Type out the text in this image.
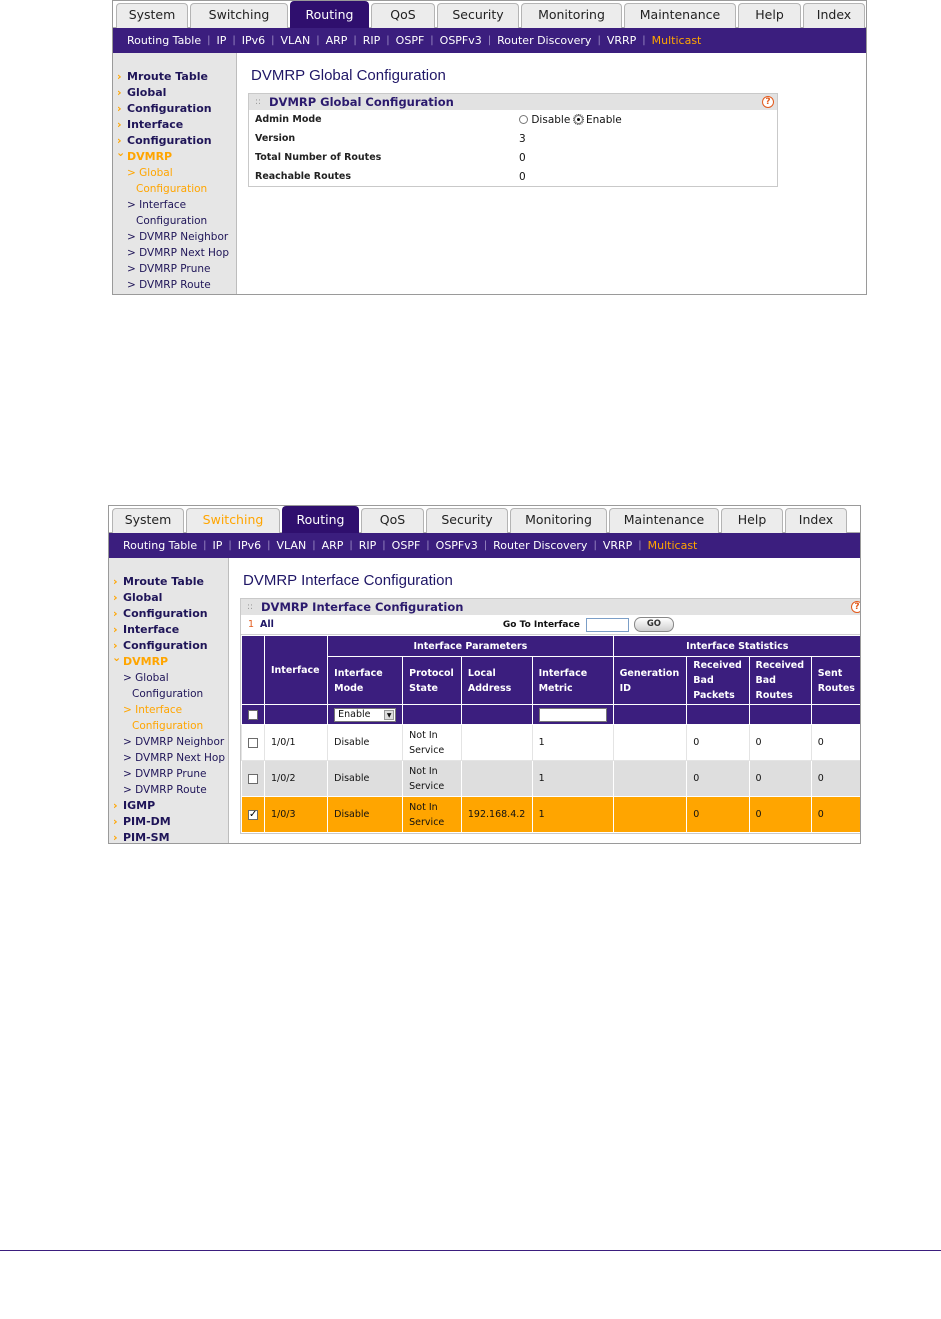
System	Switching	Routing	QoS	Security	Monitoring	Maintenance	Help	Index
Routing Table | IP | IPv6 | VLAN | ARP | RIP | OSPF | OSPFv3 | Router Discovery | VRRP | Multicast
› Mroute Table
› Global
› Configuration
› Interface
› Configuration
⌄ DVMRP
> Global
Configuration
> Interface
Configuration
> DVMRP Neighbor
> DVMRP Next Hop
> DVMRP Prune
> DVMRP Route
DVMRP Global Configuration
:: DVMRP Global Configuration	?
Admin Mode	Disable Enable
Version	3
Total Number of Routes	0
Reachable Routes	0
System	Switching	Routing	QoS	Security	Monitoring	Maintenance	Help	Index
Routing Table | IP | IPv6 | VLAN | ARP | RIP | OSPF | OSPFv3 | Router Discovery | VRRP | Multicast
› Mroute Table
› Global
› Configuration
› Interface
› Configuration
⌄ DVMRP
> Global
Configuration
> Interface
Configuration
> DVMRP Neighbor
> DVMRP Next Hop
> DVMRP Prune
> DVMRP Route
› IGMP
› PIM-DM
› PIM-SM
DVMRP Interface Configuration
:: DVMRP Interface Configuration	?
1 All	Go To Interface	GO
	Interface	Interface Parameters				Interface Statistics			
		Interface Mode	Protocol State	Local Address	Interface Metric	Generation ID	Received Bad Packets	Received Bad Routes	Sent Routes
		Enable ▼							

	1/0/1	Disable	Not In Service		1		0	0	0
	1/0/2	Disable	Not In Service		1		0	0	0
✓	1/0/3	Disable	Not In Service	192.168.4.2	1		0	0	0
